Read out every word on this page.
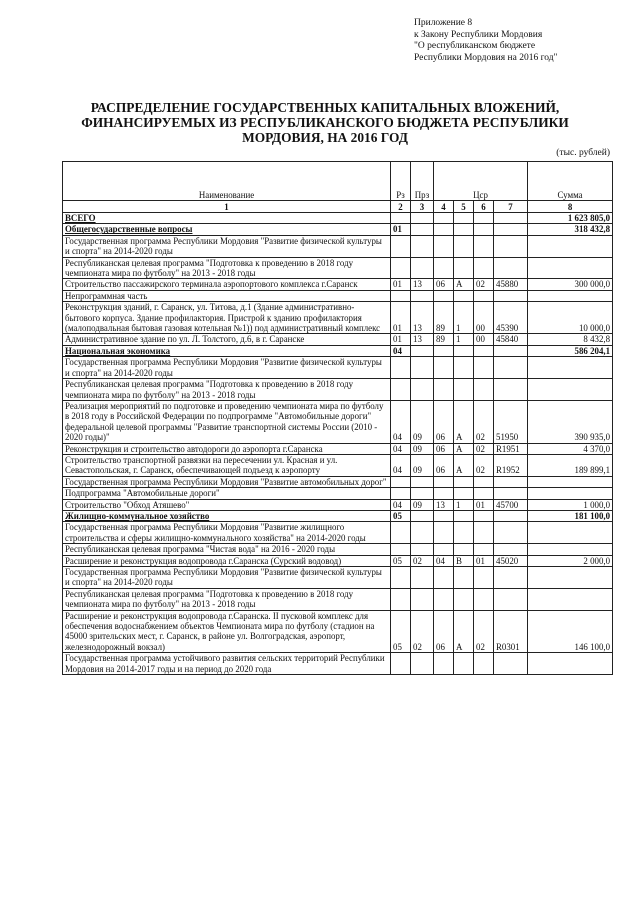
Приложение 8
к Закону Республики Мордовия
"О республиканском бюджете
Республики Мордовия на 2016 год"
РАСПРЕДЕЛЕНИЕ ГОСУДАРСТВЕННЫХ КАПИТАЛЬНЫХ ВЛОЖЕНИЙ,
ФИНАНСИРУЕМЫХ ИЗ РЕСПУБЛИКАНСКОГО БЮДЖЕТА РЕСПУБЛИКИ
МОРДОВИЯ, НА 2016 ГОД
(тыс. рублей)
Наименование	Рз	Прз	Цср				Сумма
1	2	3	4	5	6	7	8
ВСЕГО							1 623 805,0
Общегосударственные вопросы	01						318 432,8
Государственная программа Республики Мордовия "Развитие физической культуры и спорта" на 2014-2020 годы							
Республиканская целевая программа "Подготовка к проведению в 2018 году чемпионата мира по футболу" на 2013 - 2018 годы							
Строительство пассажирского терминала аэропортового комплекса г.Саранск	01	13	06	А	02	45880	300 000,0
Непрограммная часть							
Реконструкция зданий, г. Саранск, ул. Титова, д.1 (Здание административно-бытового корпуса. Здание профилактория. Пристрой к зданию профилактория (малоподвальная бытовая газовая котельная №1)) под административный комплекс	01	13	89	1	00	45390	10 000,0
Административное здание по ул. Л. Толстого, д.6, в г. Саранске	01	13	89	1	00	45840	8 432,8
Национальная экономика	04						586 204,1
Государственная программа Республики Мордовия "Развитие физической культуры и спорта" на 2014-2020 годы							
Республиканская целевая программа "Подготовка к проведению в 2018 году чемпионата мира по футболу" на 2013 - 2018 годы							
Реализация мероприятий по подготовке и проведению чемпионата мира по футболу в 2018 году в Российской Федерации по подпрограмме "Автомобильные дороги" федеральной целевой программы "Развитие транспортной системы России (2010 - 2020 годы)"	04	09	06	А	02	51950	390 935,0
Реконструкция и строительство автодороги до аэропорта г.Саранска	04	09	06	А	02	R1951	4 370,0
Строительство транспортной развязки на пересечении ул. Красная и ул. Севастопольская, г. Саранск, обеспечивающей подъезд к аэропорту	04	09	06	А	02	R1952	189 899,1
Государственная программа Республики Мордовия "Развитие автомобильных дорог"							
Подпрограмма "Автомобильные дороги"							
Строительство "Обход Атяшево"	04	09	13	1	01	45700	1 000,0
Жилищно-коммунальное хозяйство	05						181 100,0
Государственная программа Республики Мордовия "Развитие жилищного строительства и сферы жилищно-коммунального хозяйства" на 2014-2020 годы							
Республиканская целевая программа "Чистая вода" на 2016 - 2020 годы							
Расширение и реконструкция водопровода г.Саранска (Сурский водовод)	05	02	04	В	01	45020	2 000,0
Государственная программа Республики Мордовия "Развитие физической культуры и спорта" на 2014-2020 годы							
Республиканская целевая программа "Подготовка к проведению в 2018 году чемпионата мира по футболу" на 2013 - 2018 годы							
Расширение и реконструкция водопровода г.Саранска. II пусковой комплекс для обеспечения водоснабжением объектов Чемпионата мира по футболу (стадион на 45000 зрительских мест, г. Саранск, в районе ул. Волгоградская, аэропорт, железнодорожный вокзал)	05	02	06	А	02	R0301	146 100,0
Государственная программа устойчивого развития сельских территорий Республики Мордовия на 2014-2017 годы и на период до 2020 года							
